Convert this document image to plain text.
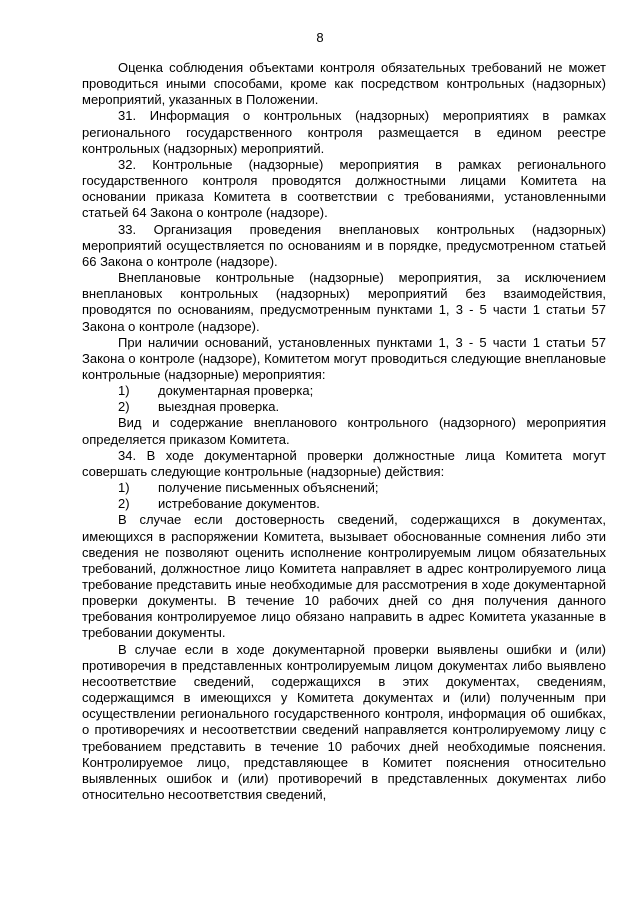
8

Оценка соблюдения объектами контроля обязательных требований не может проводиться иными способами, кроме как посредством контрольных (надзорных) мероприятий, указанных в Положении.

31. Информация о контрольных (надзорных) мероприятиях в рамках регионального государственного контроля размещается в едином реестре контрольных (надзорных) мероприятий.

32. Контрольные (надзорные) мероприятия в рамках регионального государственного контроля проводятся должностными лицами Комитета на основании приказа Комитета в соответствии с требованиями, установленными статьей 64 Закона о контроле (надзоре).

33. Организация проведения внеплановых контрольных (надзорных) мероприятий осуществляется по основаниям и в порядке, предусмотренном статьей 66 Закона о контроле (надзоре).

Внеплановые контрольные (надзорные) мероприятия, за исключением внеплановых контрольных (надзорных) мероприятий без взаимодействия, проводятся по основаниям, предусмотренным пунктами 1, 3 - 5 части 1 статьи 57 Закона о контроле (надзоре).

При наличии оснований, установленных пунктами 1, 3 - 5 части 1 статьи 57 Закона о контроле (надзоре), Комитетом могут проводиться следующие внеплановые контрольные (надзорные) мероприятия:

1) документарная проверка;

2) выездная проверка.

Вид и содержание внепланового контрольного (надзорного) мероприятия определяется приказом Комитета.

34. В ходе документарной проверки должностные лица Комитета могут совершать следующие контрольные (надзорные) действия:

1) получение письменных объяснений;

2) истребование документов.

В случае если достоверность сведений, содержащихся в документах, имеющихся в распоряжении Комитета, вызывает обоснованные сомнения либо эти сведения не позволяют оценить исполнение контролируемым лицом обязательных требований, должностное лицо Комитета направляет в адрес контролируемого лица требование представить иные необходимые для рассмотрения в ходе документарной проверки документы. В течение 10 рабочих дней со дня получения данного требования контролируемое лицо обязано направить в адрес Комитета указанные в требовании документы.

В случае если в ходе документарной проверки выявлены ошибки и (или) противоречия в представленных контролируемым лицом документах либо выявлено несоответствие сведений, содержащихся в этих документах, сведениям, содержащимся в имеющихся у Комитета документах и (или) полученным при осуществлении регионального государственного контроля, информация об ошибках, о противоречиях и несоответствии сведений направляется контролируемому лицу с требованием представить в течение 10 рабочих дней необходимые пояснения. Контролируемое лицо, представляющее в Комитет пояснения относительно выявленных ошибок и (или) противоречий в представленных документах либо относительно несоответствия сведений,
